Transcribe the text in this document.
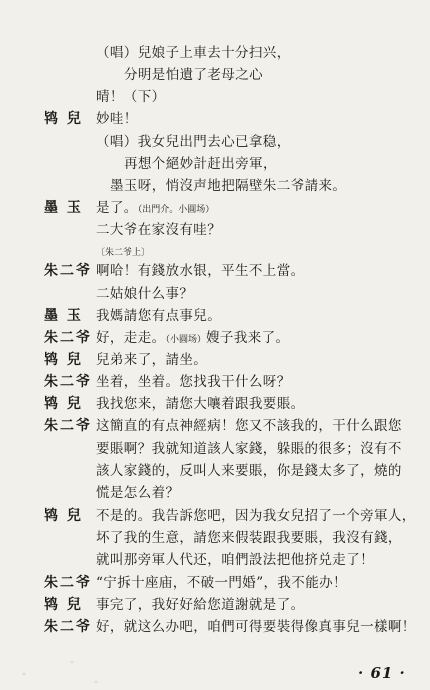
（唱）兒娘子上車去十分扫兴，
分明是怕遺了老母之心
晴！（下）
鸨 兒 妙哇！
（唱）我女兒出門去心已拿稳，
再想个絕妙計赶出旁軍，
墨玉呀，悄沒声地把隔壁朱二爷請来。
墨 玉 是了。（出門介。小圓场）
二大爷在家沒有哇？
〔朱二爷上〕
朱二爷 啊哈！有錢放水银，平生不上當。
二姑娘什么事？
墨 玉 我媽請您有点事兒。
朱二爷 好，走走。（小圓场）嫂子我来了。
鸨 兒 兒弟来了，請坐。
朱二爷 坐着，坐着。您找我干什么呀？
鸨 兒 我找您来，請您大嚷着跟我要賬。
朱二爷 这簡直的有点神經病！您又不該我的，干什么跟您
要賬啊？我就知道該人家錢，躲賬的很多；沒有不
該人家錢的，反叫人来要賬，你是錢太多了，燒的
慌是怎么着？
鸨 兒 不是的。我告訴您吧，因为我女兒招了一个旁軍人，
坏了我的生意，請您来假装跟我要賬，我沒有錢，
就叫那旁軍人代还，咱們設法把他挤兑走了！
朱二爷 “宁拆十座庙，不破一門婚”，我不能办！
鸨 兒 事完了，我好好給您道謝就是了。
朱二爷 好，就这么办吧，咱們可得要裝得像真事兒一樣啊！
· 61 ·
